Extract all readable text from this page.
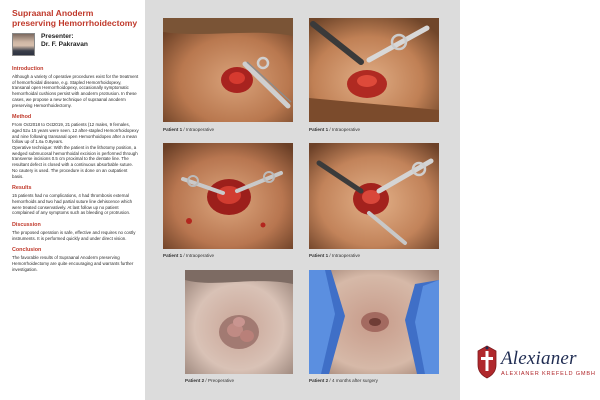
Supraanal Anoderm preserving Hemorrhoidectomy
Presenter:
Dr. F. Pakravan
Introduction

Although a variety of operative procedures exist for the treatment of hemorrhoidal disease, e.g. Stapled Hemorrhoidopexy, transanal open Hemorrhoidopexy, occasionally symptomatic hemorrhoidal cushions persist with anoderm protrusion. In these cases, we propose a new technique of supraanal anoderm preserving Hemorrhoidectomy.

Method

From Oct2018 to Oct2019, 21 patients (12 males, 9 females, aged 52± 15 years were seen. 12 after-stapled Hemorrhoidopexy and nine following transanal open Hemorrhoidopex after a mean follow up of 1.6± 0.8years.

Operative technique: With the patient in the lithotomy position, a wedged submucosal hemorrhoidal excision is performed through transverse incisions 0.5 cm proximal to the dentate line. The resultant defect is closed with a continuous absorbable suture. No cautery is used. The procedure is done on an outpatient basis.

Results

15 patients had no complications, 4 had thrombosis external hemorrhoids and two had partial suture line dehiscence which were treated conservatively. At last follow up no patient complained of any symptoms such as bleeding or protrusion.

Discussion

The proposed operation is safe, effective and requires no costly instruments. It is performed quickly and under direct vision.

Conclusion

The favorable results of Supraanal Anoderm preserving Hemorrhoidectomy are quite encouraging and warrants further investigation.

Patient 1 / Intraoperative	Patient 1 / Intraoperative
Patient 1 / Intraoperative	Patient 1 / Intraoperative
Patient 2 / Preoperative	Patient 2 / 4 months after surgery
Alexianer
ALEXIANER KREFELD GMBH
